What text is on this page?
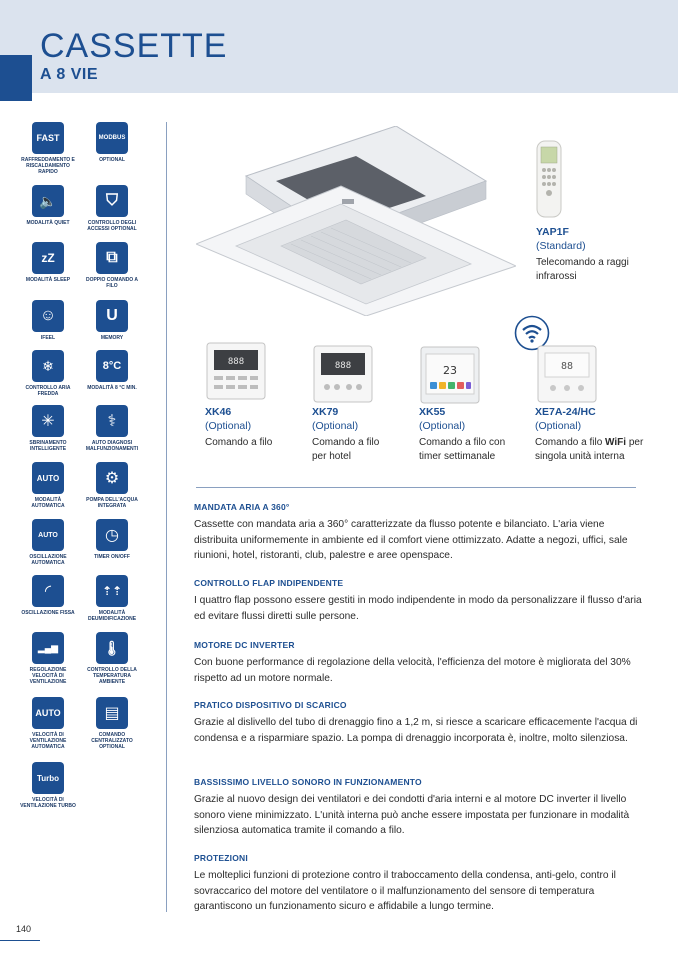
CASSETTE
A 8 VIE
FAST
RAFFREDDAMENTO E RISCALDAMENTO RAPIDO
MODBUS
OPTIONAL
🔈
MODALITÀ QUIET
⛉
CONTROLLO DEGLI ACCESSI OPTIONAL
zZ
MODALITÀ SLEEP
⧉
DOPPIO COMANDO A FILO
☺
IFEEL
U
MEMORY
❄
CONTROLLO ARIA FREDDA
8°C
MODALITÀ 8 °C MIN.
✳
SBRINAMENTO INTELLIGENTE
⚕
AUTO DIAGNOSI MALFUNZIONAMENTI
AUTO
MODALITÀ AUTOMATICA
⚙
POMPA DELL'ACQUA INTEGRATA
AUTO
OSCILLAZIONE AUTOMATICA
◷
TIMER ON/OFF
◜
OSCILLAZIONE FISSA
⇡⇡
MODALITÀ DEUMIDIFICAZIONE
▂▄▆
REGOLAZIONE VELOCITÀ DI VENTILAZIONE
🌡
CONTROLLO DELLA TEMPERATURA AMBIENTE
AUTO
VELOCITÀ DI VENTILAZIONE AUTOMATICA
▤
COMANDO CENTRALIZZATO OPTIONAL
Turbo
VELOCITÀ DI VENTILAZIONE TURBO
YAP1F
(Standard)
Telecomando a raggi infrarossi
888	888	23	88
XK46
(Optional)
Comando a filo
XK79
(Optional)
Comando a filo per hotel
XK55
(Optional)
Comando a filo con timer settimanale
XE7A-24/HC
(Optional)
Comando a filo WiFi per singola unità interna
MANDATA ARIA A 360°

Cassette con mandata aria a 360° caratterizzate da flusso potente e bilanciato. L'aria viene distribuita uniformemente in ambiente ed il comfort viene ottimizzato. Adatte a negozi, uffici, sale riunioni, hotel, ristoranti, club, palestre e aree openspace.

CONTROLLO FLAP INDIPENDENTE

I quattro flap possono essere gestiti in modo indipendente in modo da personalizzare il flusso d'aria ed evitare flussi diretti sulle persone.

MOTORE DC INVERTER

Con buone performance di regolazione della velocità, l'efficienza del motore è migliorata del 30% rispetto ad un motore normale.

PRATICO DISPOSITIVO DI SCARICO

Grazie al dislivello del tubo di drenaggio fino a 1,2 m, si riesce a scaricare efficacemente l'acqua di condensa e a risparmiare spazio. La pompa di drenaggio incorporata è, inoltre, molto silenziosa.

BASSISSIMO LIVELLO SONORO IN FUNZIONAMENTO

Grazie al nuovo design dei ventilatori e dei condotti d'aria interni e al motore DC inverter il livello sonoro viene minimizzato. L'unità interna può anche essere impostata per funzionare in modalità silenziosa automatica tramite il comando a filo.

PROTEZIONI

Le molteplici funzioni di protezione contro il traboccamento della condensa, anti-gelo, contro il sovraccarico del motore del ventilatore o il malfunzionamento del sensore di temperatura garantiscono un funzionamento sicuro e affidabile a lungo termine.

140
